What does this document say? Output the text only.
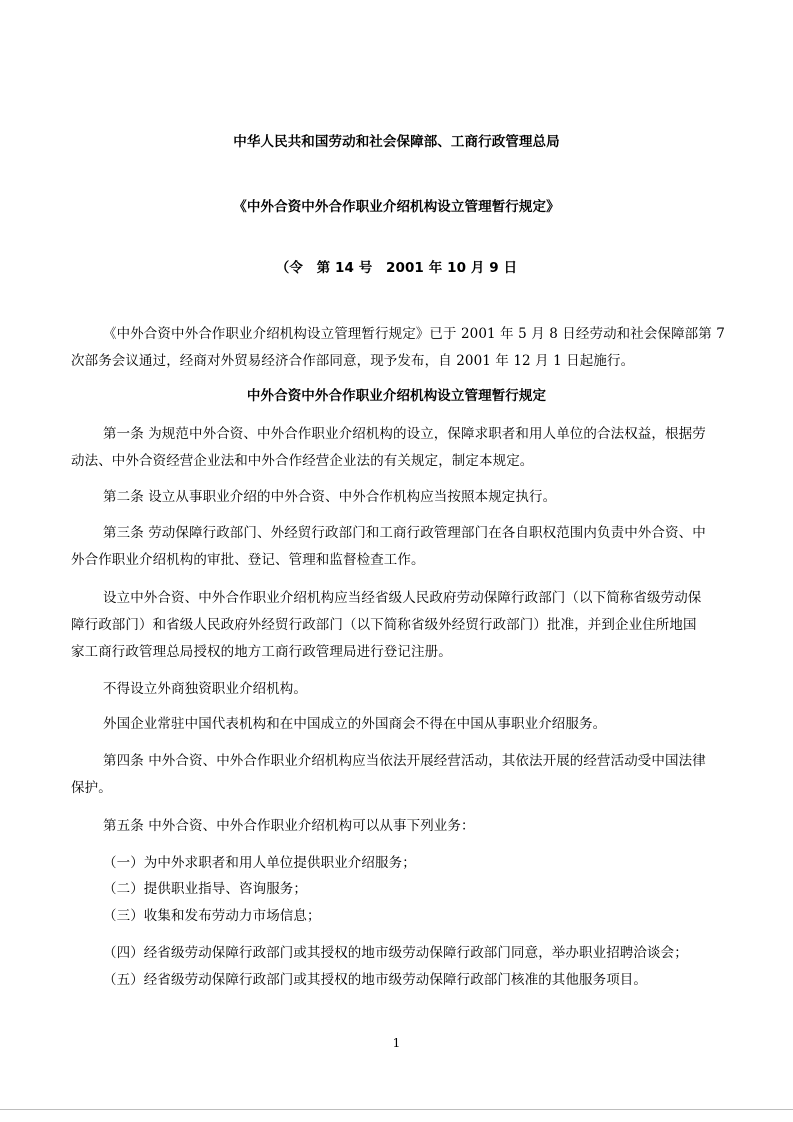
中华人民共和国劳动和社会保障部、工商行政管理总局
《中外合资中外合作职业介绍机构设立管理暂行规定》
（令　第 14 号　2001 年 10 月 9 日
《中外合资中外合作职业介绍机构设立管理暂行规定》已于 2001 年 5 月 8 日经劳动和社会保障部第 7
次部务会议通过，经商对外贸易经济合作部同意，现予发布，自 2001 年 12 月 1 日起施行。
中外合资中外合作职业介绍机构设立管理暂行规定
第一条 为规范中外合资、中外合作职业介绍机构的设立，保障求职者和用人单位的合法权益，根据劳
动法、中外合资经营企业法和中外合作经营企业法的有关规定，制定本规定。
第二条 设立从事职业介绍的中外合资、中外合作机构应当按照本规定执行。
第三条 劳动保障行政部门、外经贸行政部门和工商行政管理部门在各自职权范围内负责中外合资、中
外合作职业介绍机构的审批、登记、管理和监督检查工作。
设立中外合资、中外合作职业介绍机构应当经省级人民政府劳动保障行政部门（以下简称省级劳动保
障行政部门）和省级人民政府外经贸行政部门（以下简称省级外经贸行政部门）批准，并到企业住所地国
家工商行政管理总局授权的地方工商行政管理局进行登记注册。
不得设立外商独资职业介绍机构。
外国企业常驻中国代表机构和在中国成立的外国商会不得在中国从事职业介绍服务。
第四条 中外合资、中外合作职业介绍机构应当依法开展经营活动，其依法开展的经营活动受中国法律
保护。
第五条 中外合资、中外合作职业介绍机构可以从事下列业务：
（一）为中外求职者和用人单位提供职业介绍服务；
（二）提供职业指导、咨询服务；
（三）收集和发布劳动力市场信息；
（四）经省级劳动保障行政部门或其授权的地市级劳动保障行政部门同意，举办职业招聘洽谈会；
（五）经省级劳动保障行政部门或其授权的地市级劳动保障行政部门核准的其他服务项目。
1
